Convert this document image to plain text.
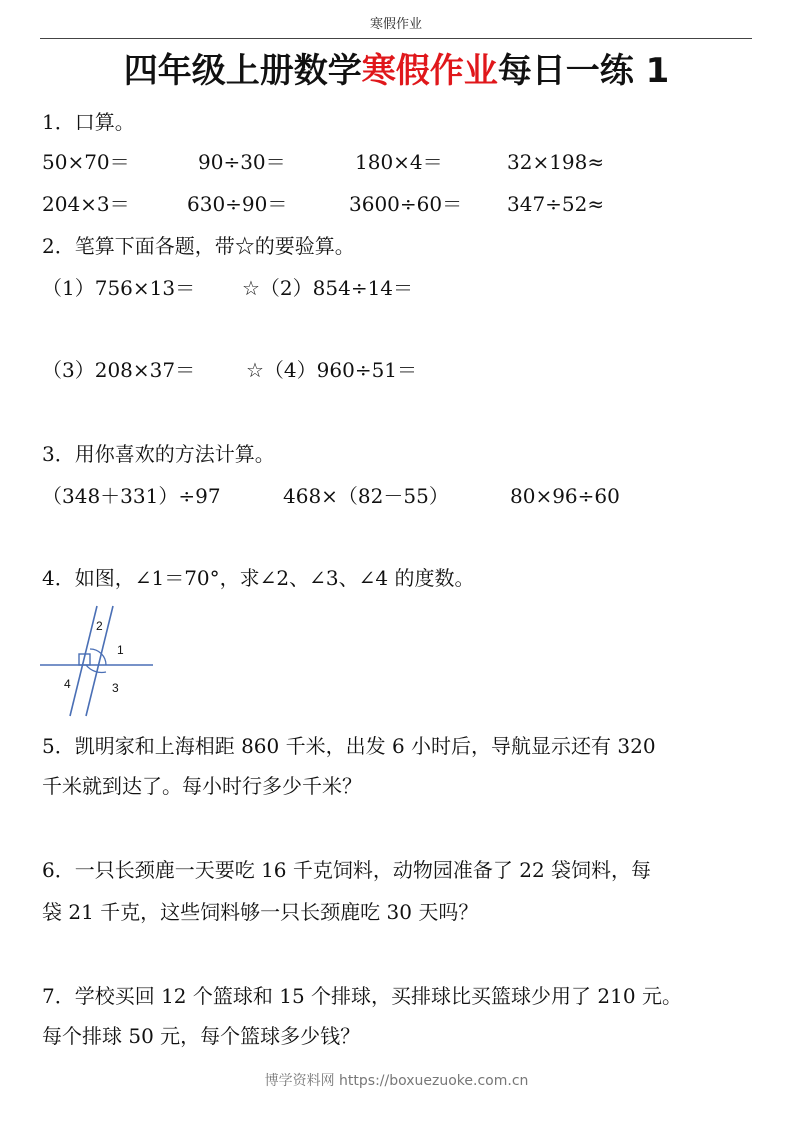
寒假作业
四年级上册数学寒假作业每日一练 1
1．口算。
50×70＝	90÷30＝	180×4＝	32×198≈
204×3＝	630÷90＝	3600÷60＝ 347÷52≈
2．笔算下面各题，带☆的要验算。
（1）756×13＝ ☆（2）854÷14＝
（3）208×37＝	☆（4）960÷51＝
3．用你喜欢的方法计算。
（348＋331）÷97	468×（82－55）	80×96÷60
4．如图，∠1＝70°，求∠2、∠3、∠4 的度数。
2
1
3
4
5．凯明家和上海相距 860 千米，出发 6 小时后，导航显示还有 320
千米就到达了。每小时行多少千米？
6．一只长颈鹿一天要吃 16 千克饲料，动物园准备了 22 袋饲料，每
袋 21 千克，这些饲料够一只长颈鹿吃 30 天吗？
7．学校买回 12 个篮球和 15 个排球，买排球比买篮球少用了 210 元。
每个排球 50 元，每个篮球多少钱？
博学资料网 https://boxuezuoke.com.cn
